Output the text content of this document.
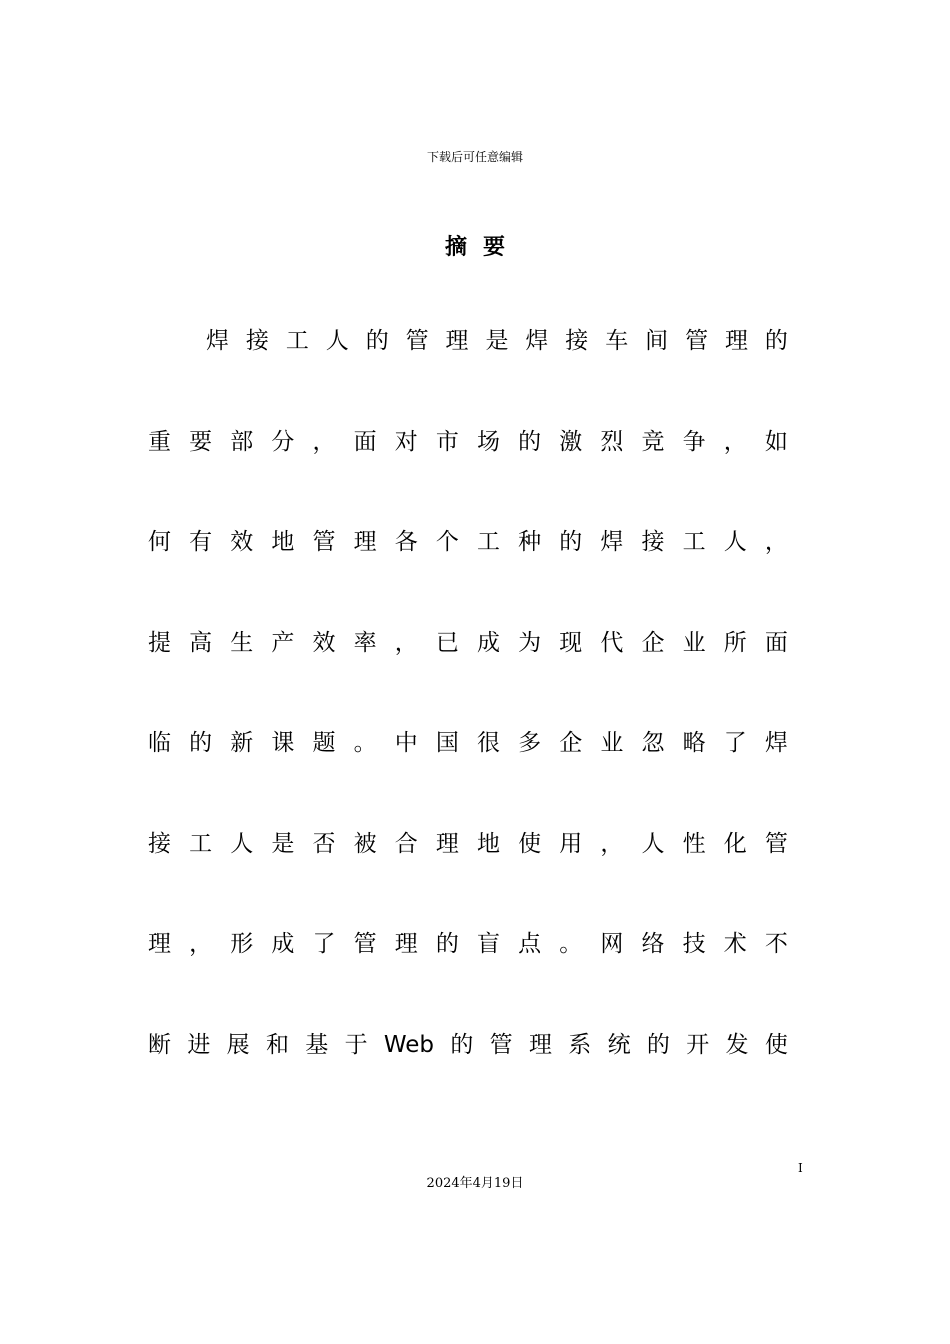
下载后可任意编辑
摘要
焊 接 工 人 的 管 理 是 焊 接 车 间 管 理 的
重 要 部 分 ， 面 对 市 场 的 激 烈 竞 争 ， 如
何 有 效 地 管 理 各 个 工 种 的 焊 接 工 人 ，
提 高 生 产 效 率 ， 已 成 为 现 代 企 业 所 面
临 的 新 课 题 。 中 国 很 多 企 业 忽 略 了 焊
接 工 人 是 否 被 合 理 地 使 用 ， 人 性 化 管
理 ， 形 成 了 管 理 的 盲 点 。 网 络 技 术 不
断 进 展 和 基 于 Web 的 管 理 系 统 的 开 发 使
I
2024年4月19日
